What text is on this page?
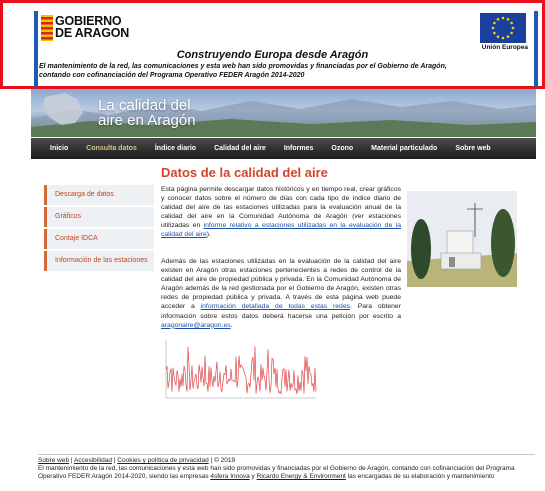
GOBIERNO
DE ARAGON
Unión Europea
Construyendo Europa desde Aragón
El mantenimiento de la red, las comunicaciones y esta web han sido promovidas y financiadas por el Gobierno de Aragón, contando con cofinanciación del Programa Operativo FEDER Aragón 2014-2020
La calidad del
aire en Aragón
Inicio	Consulta datos	Índice diario	Calidad del aire	Informes	Ozono	Material particulado	Sobre web
Descarga de datos
Gráficos
Contaje IDCA
Información de las estaciones
Datos de la calidad del aire
Esta página permite descargar datos históricos y en tiempo real, crear gráficos y conocer datos sobre el número de días con cada tipo de índice diario de calidad del aire de las estaciones utilizadas para la evaluación anual de la calidad del aire en la Comunidad Autónoma de Aragón (ver estaciones utilizadas en informe relativo a estaciones utilizadas en la evaluación de la calidad del aire).
Además de las estaciones utilizadas en la evaluación de la calidad del aire existen en Aragón otras estaciones pertenecientes a redes de control de la calidad del aire de propiedad pública y privada. En la Comunidad Autónoma de Aragón además de la red gestionada por el Gobierno de Aragón, existen otras redes de propiedad pública y privada. A través de esta página web puede acceder a información detallada de todas estas redes. Para obtener información sobre estos datos deberá hacerse una petición por escrito a aragonaire@aragon.es.
Sobre web | Accesibilidad | Cookies y política de privacidad | © 2019
El mantenimiento de la red, las comunicaciones y esta web han sido promovidas y financiadas por el Gobierno de Aragón, contando con cofinanciación del Programa Operativo FEDER Aragón 2014-2020, siendo las empresas 4sfera Innova y Ricardo Energy & Environment las encargadas de su elaboración y mantenimiento
